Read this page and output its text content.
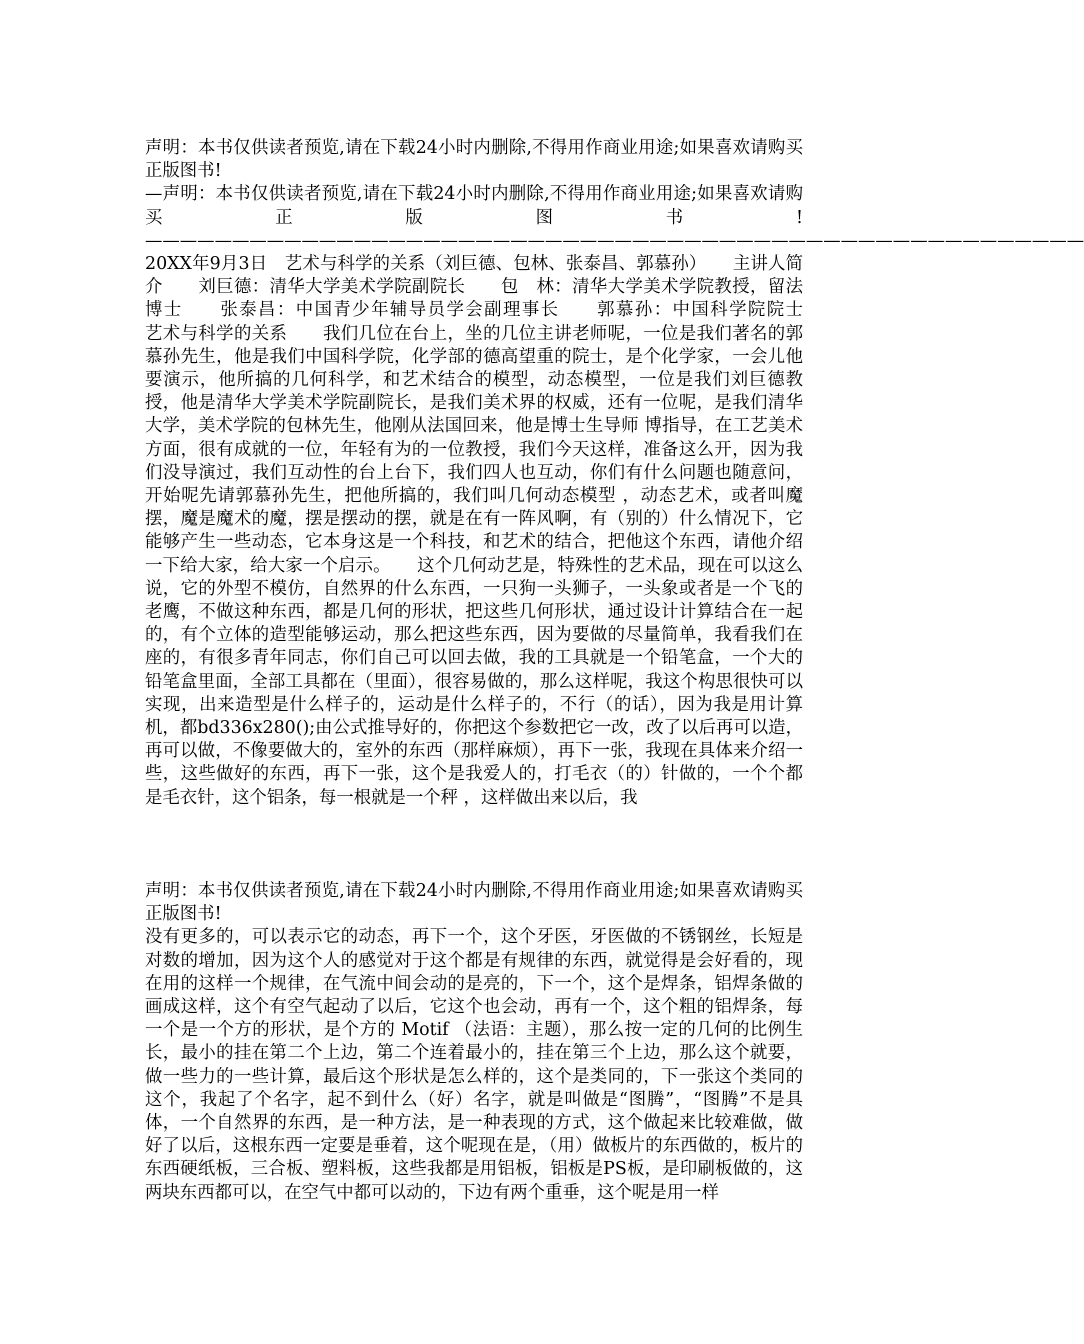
声明：本书仅供读者预览,请在下载24小时内删除,不得用作商业用途;如果喜欢请购买正版图书!

—声明：本书仅供读者预览,请在下载24小时内删除,不得用作商业用途;如果喜欢请购买正版图书!——————————————————————————————————————————————————————20XX年9月3日　艺术与科学的关系（刘巨德、包林、张泰昌、郭慕孙）　　主讲人简介　　刘巨德：清华大学美术学院副院长　　包　林：清华大学美术学院教授，留法博士　　张泰昌：中国青少年辅导员学会副理事长　　郭慕孙：中国科学院院士　　艺术与科学的关系　　我们几位在台上，坐的几位主讲老师呢，一位是我们著名的郭慕孙先生，他是我们中国科学院，化学部的德高望重的院士，是个化学家，一会儿他要演示，他所搞的几何科学，和艺术结合的模型，动态模型，一位是我们刘巨德教授，他是清华大学美术学院副院长，是我们美术界的权威，还有一位呢，是我们清华大学，美术学院的包林先生，他刚从法国回来，他是博士生导师 博指导，在工艺美术方面，很有成就的一位，年轻有为的一位教授，我们今天这样，准备这么开，因为我们没导演过，我们互动性的台上台下，我们四人也互动，你们有什么问题也随意问，开始呢先请郭慕孙先生，把他所搞的，我们叫几何动态模型 ，动态艺术，或者叫魔摆，魔是魔术的魔，摆是摆动的摆，就是在有一阵风啊，有（别的）什么情况下，它能够产生一些动态，它本身这是一个科技，和艺术的结合，把他这个东西，请他介绍一下给大家，给大家一个启示。　　这个几何动艺是，特殊性的艺术品，现在可以这么说，它的外型不模仿，自然界的什么东西，一只狗一头狮子，一头象或者是一个飞的老鹰，不做这种东西，都是几何的形状，把这些几何形状，通过设计计算结合在一起的，有个立体的造型能够运动，那么把这些东西，因为要做的尽量简单，我看我们在座的，有很多青年同志，你们自己可以回去做，我的工具就是一个铅笔盒，一个大的铅笔盒里面，全部工具都在（里面），很容易做的，那么这样呢，我这个构思很快可以实现，出来造型是什么样子的，运动是什么样子的，不行（的话），因为我是用计算机，都bd336x280();由公式推导好的，你把这个参数把它一改，改了以后再可以造，再可以做，不像要做大的，室外的东西（那样麻烦），再下一张，我现在具体来介绍一些，这些做好的东西，再下一张，这个是我爱人的，打毛衣（的）针做的，一个个都是毛衣针，这个铝条，每一根就是一个秤 ，这样做出来以后，我

声明：本书仅供读者预览,请在下载24小时内删除,不得用作商业用途;如果喜欢请购买正版图书!

没有更多的，可以表示它的动态，再下一个，这个牙医，牙医做的不锈钢丝，长短是对数的增加，因为这个人的感觉对于这个都是有规律的东西，就觉得是会好看的，现在用的这样一个规律，在气流中间会动的是亮的，下一个，这个是焊条，铝焊条做的画成这样，这个有空气起动了以后，它这个也会动，再有一个，这个粗的铝焊条，每一个是一个方的形状，是个方的 Motif （法语：主题），那么按一定的几何的比例生长，最小的挂在第二个上边，第二个连着最小的，挂在第三个上边，那么这个就要，做一些力的一些计算，最后这个形状是怎么样的，这个是类同的，下一张这个类同的这个，我起了个名字，起不到什么（好）名字，就是叫做是“图腾”，“图腾”不是具体，一个自然界的东西，是一种方法，是一种表现的方式，这个做起来比较难做，做好了以后，这根东西一定要是垂着，这个呢现在是，（用）做板片的东西做的，板片的东西硬纸板，三合板、塑料板，这些我都是用铝板，铝板是PS板，是印刷板做的，这两块东西都可以，在空气中都可以动的，下边有两个重垂，这个呢是用一样
